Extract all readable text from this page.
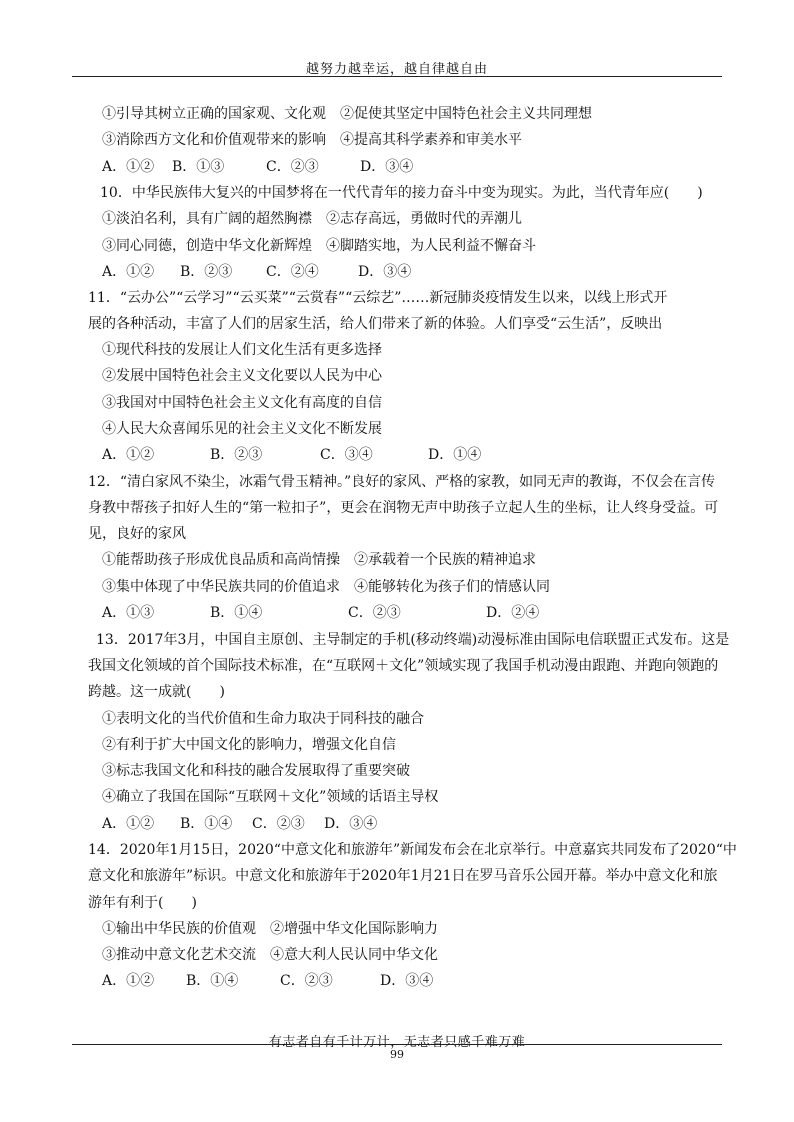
越努力越幸运，越自律越自由
①引导其树立正确的国家观、文化观　②促使其坚定中国特色社会主义共同理想
③消除西方文化和价值观带来的影响　④提高其科学素养和审美水平
A．①② B．①③	C．②③	D．③④
10．中华民族伟大复兴的中国梦将在一代代青年的接力奋斗中变为现实。为此，当代青年应(　　)
①淡泊名利，具有广阔的超然胸襟　②志存高远，勇做时代的弄潮儿
③同心同德，创造中华文化新辉煌　④脚踏实地，为人民利益不懈奋斗
A．①② B．②③ C．②④	D．③④
11．“云办公”“云学习”“云买菜”“云赏春”“云综艺”……新冠肺炎疫情发生以来，以线上形式开
展的各种活动，丰富了人们的居家生活，给人们带来了新的体验。人们享受“云生活”，反映出
①现代科技的发展让人们文化生活有更多选择
②发展中国特色社会主义文化要以人民为中心
③我国对中国特色社会主义文化有高度的自信
④人民大众喜闻乐见的社会主义文化不断发展
A．①②	B．②③	C．③④	D．①④
12．“清白家风不染尘，冰霜气骨玉精神。”良好的家风、严格的家教，如同无声的教诲，不仅会在言传
身教中帮孩子扣好人生的“第一粒扣子”，更会在润物无声中助孩子立起人生的坐标，让人终身受益。可
见，良好的家风
①能帮助孩子形成优良品质和高尚情操　②承载着一个民族的精神追求
③集中体现了中华民族共同的价值追求　④能够转化为孩子们的情感认同
A．①③	B．①④	C．②③	D．②④
13．2017年3月，中国自主原创、主导制定的手机(移动终端)动漫标准由国际电信联盟正式发布。这是
我国文化领域的首个国际技术标准，在“互联网＋文化”领域实现了我国手机动漫由跟跑、并跑向领跑的
跨越。这一成就(　　)
①表明文化的当代价值和生命力取决于同科技的融合
②有利于扩大中国文化的影响力，增强文化自信
③标志我国文化和科技的融合发展取得了重要突破
④确立了我国在国际“互联网＋文化”领域的话语主导权
A．①② B．①④ C．②③ D．③④
14．2020年1月15日，2020“中意文化和旅游年”新闻发布会在北京举行。中意嘉宾共同发布了2020“中
意文化和旅游年”标识。中意文化和旅游年于2020年1月21日在罗马音乐公园开幕。举办中意文化和旅
游年有利于(　　)
①输出中华民族的价值观　②增强中华文化国际影响力
③推动中意文化艺术交流　④意大利人民认同中华文化
A．①② B．①④	C．②③	D．③④
有志者自有千计万计，无志者只感千难万难
99
